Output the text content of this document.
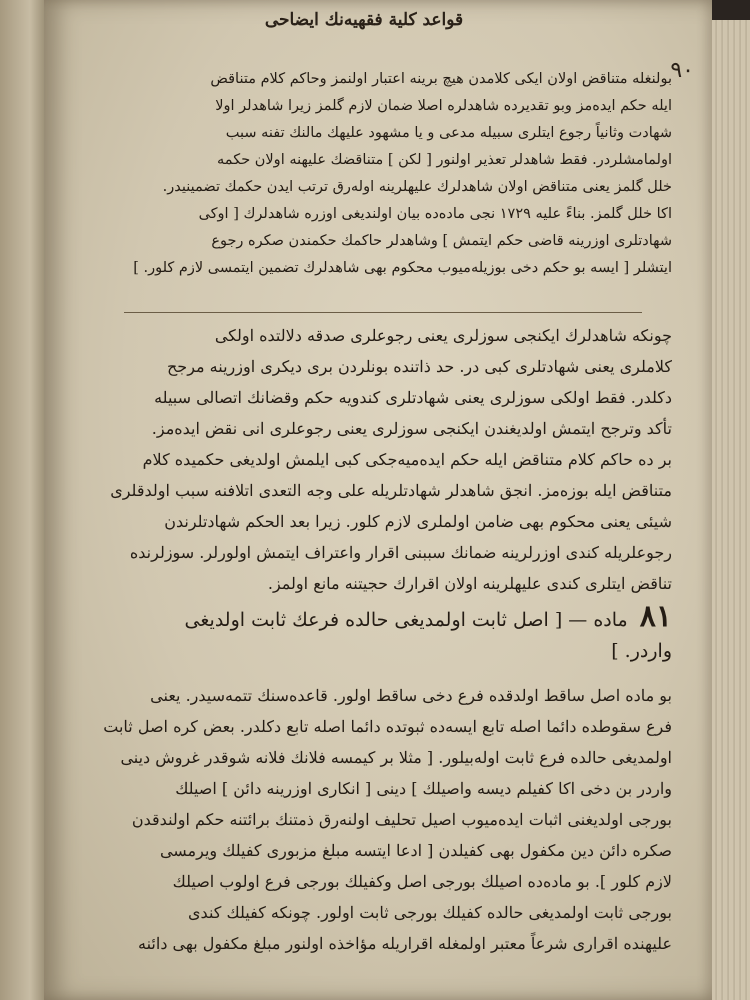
قواعد كلية فقهيه‌نك ايضاحى
٩٠
بولنغله متناقض اولان ايكى كلامدن هيچ برينه اعتبار اولنمز وحاكم كلام متناقض
ايله حكم ايده‌مز وبو تقديرده شاهدلره اصلا ضمان لازم گلمز زيرا شاهدلر اولا
شهادت وثانياً رجوع ايتلرى سبيله مدعى و يا مشهود عليهك مالنك تفنه سبب
اولمامشلردر. فقط شاهدلر تعذير اولنور [ لكن ] متناقضك عليهنه اولان حكمه
خلل گلمز يعنى متناقض اولان شاهدلرك عليهلرينه اوله‌رق ترتب ايدن حكمك تضمينيدر.
اكا خلل گلمز. بناءً عليه ١٧٢٩ نجى ماده‌ده بيان اولنديغى اوزره شاهدلرك [ اوكى
شهادتلرى اوزرينه قاضى حكم ايتمش ] وشاهدلر حاكمك حكمندن صكره رجوع
ايتشلر [ ايسه بو حكم دخى بوزيله‌ميوب محكوم بهى شاهدلرك تضمين ايتمسى لازم كلور. ]
چونكه شاهدلرك ايكنجى سوزلرى يعنى رجوعلرى صدقه دلالتده اولكى
كلاملرى يعنى شهادتلرى كبى در. حد ذاتنده بونلردن برى ديكرى اوزرينه مرجح
دكلدر. فقط اولكى سوزلرى يعنى شهادتلرى كندويه حكم وقضانك اتصالى سبيله
تأكد وترجح ايتمش اولديغندن ايكنجى سوزلرى يعنى رجوعلرى انى نقض ايده‌مز.
بر ده حاكم كلام متناقض ايله حكم ايده‌ميه‌جكى كبى ايلمش اولديغى حكميده كلام
متناقض ايله بوزه‌مز. انجق شاهدلر شهادتلريله على وجه التعدى اتلافنه سبب اولدقلرى
شيئى يعنى محكوم بهى ضامن اولملرى لازم كلور. زيرا بعد الحكم شهادتلرندن
رجوعلريله كندى اوزرلرينه ضمانك سببنى اقرار واعتراف ايتمش اولورلر. سوزلرنده
تناقض ايتلرى كندى عليهلرينه اولان اقرارك حجيتنه مانع اولمز.
٨١ ماده — [ اصل ثابت اولمديغى حالده فرعك ثابت اولديغى
واردر. ]
بو ماده اصل ساقط اولدقده فرع دخى ساقط اولور. قاعده‌سنك تتمه‌سيدر. يعنى
فرع سقوطده دائما اصله تابع ايسه‌ده ثبوتده دائما اصله تابع دكلدر. بعض كره اصل ثابت
اولمديغى حالده فرع ثابت اوله‌بيلور. [ مثلا بر كيمسه فلانك فلانه شوقدر غروش دينى
واردر بن دخى اكا كفيلم ديسه واصيلك ] دينى [ انكارى اوزرينه دائن ] اصيلك
بورجى اولديغنى اثبات ايده‌ميوب اصيل تحليف اولنه‌رق ذمتنك برائتنه حكم اولندقدن
صكره دائن دين مكفول بهى كفيلدن [ ادعا ايتسه مبلغ مزبورى كفيلك ويرمسى
لازم كلور ]. بو ماده‌ده اصيلك بورجى اصل وكفيلك بورجى فرع اولوب اصيلك
بورجى ثابت اولمديغى حالده كفيلك بورجى ثابت اولور. چونكه كفيلك كندى
عليهنده اقرارى شرعاً معتبر اولمغله اقراريله مؤاخذه اولنور مبلغ مكفول بهى دائنه
